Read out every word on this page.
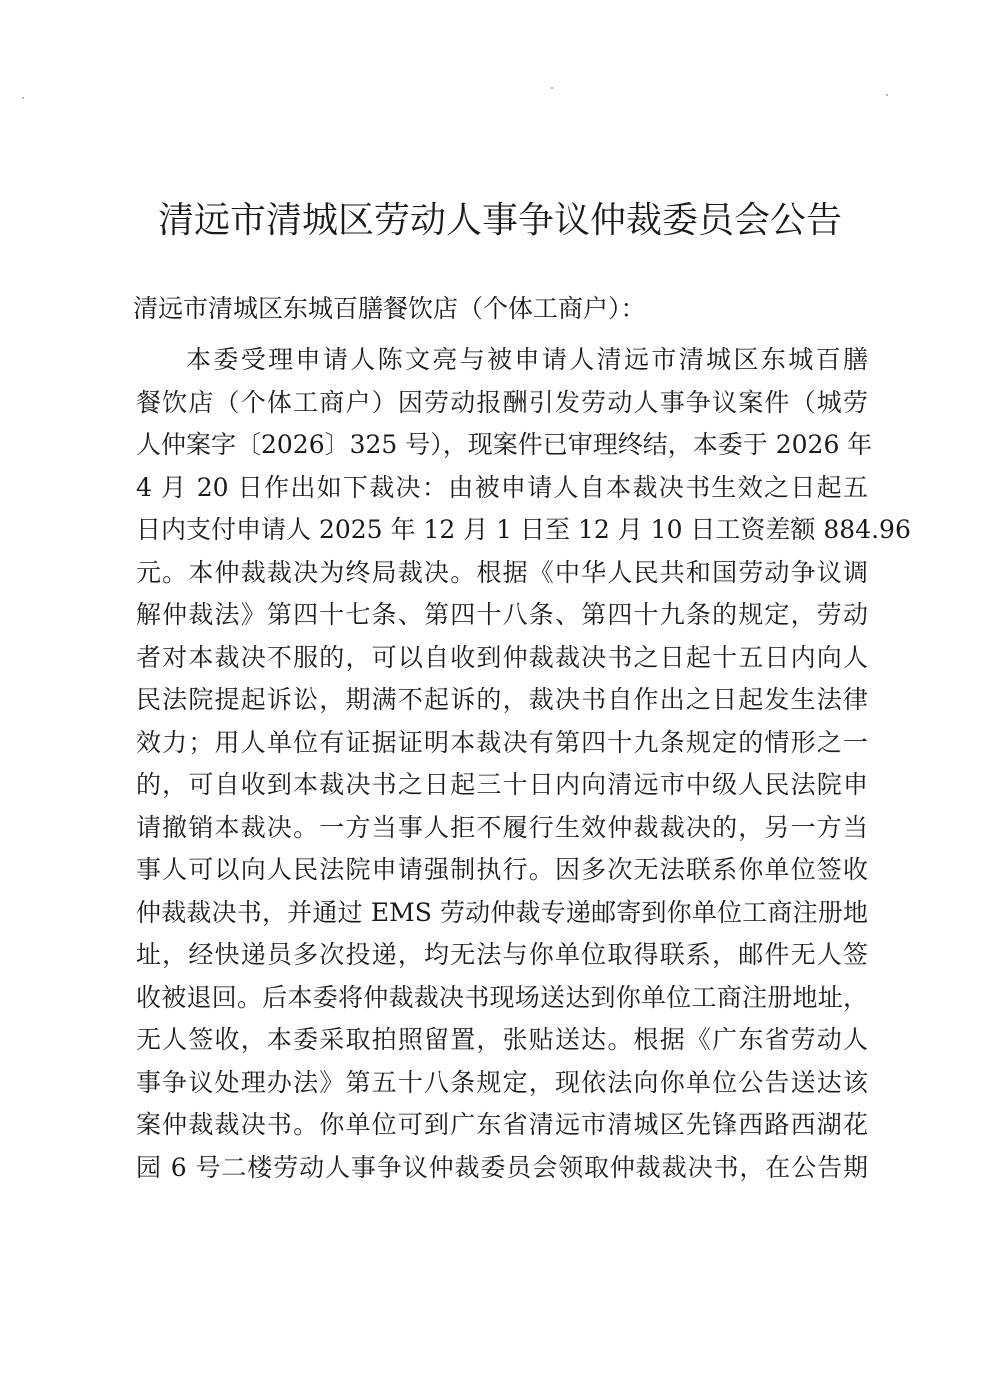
清远市清城区劳动人事争议仲裁委员会公告
清远市清城区东城百膳餐饮店（个体工商户）：
本委受理申请人陈文亮与被申请人清远市清城区东城百膳
餐饮店（个体工商户）因劳动报酬引发劳动人事争议案件（城劳
人仲案字〔2026〕325 号），现案件已审理终结，本委于 2026 年
4 月 20 日作出如下裁决：由被申请人自本裁决书生效之日起五
日内支付申请人 2025 年 12 月 1 日至 12 月 10 日工资差额 884.96
元。本仲裁裁决为终局裁决。根据《中华人民共和国劳动争议调
解仲裁法》第四十七条、第四十八条、第四十九条的规定，劳动
者对本裁决不服的，可以自收到仲裁裁决书之日起十五日内向人
民法院提起诉讼，期满不起诉的，裁决书自作出之日起发生法律
效力；用人单位有证据证明本裁决有第四十九条规定的情形之一
的，可自收到本裁决书之日起三十日内向清远市中级人民法院申
请撤销本裁决。一方当事人拒不履行生效仲裁裁决的，另一方当
事人可以向人民法院申请强制执行。因多次无法联系你单位签收
仲裁裁决书，并通过 EMS 劳动仲裁专递邮寄到你单位工商注册地
址，经快递员多次投递，均无法与你单位取得联系，邮件无人签
收被退回。后本委将仲裁裁决书现场送达到你单位工商注册地址，
无人签收，本委采取拍照留置，张贴送达。根据《广东省劳动人
事争议处理办法》第五十八条规定，现依法向你单位公告送达该
案仲裁裁决书。你单位可到广东省清远市清城区先锋西路西湖花
园 6 号二楼劳动人事争议仲裁委员会领取仲裁裁决书，在公告期
